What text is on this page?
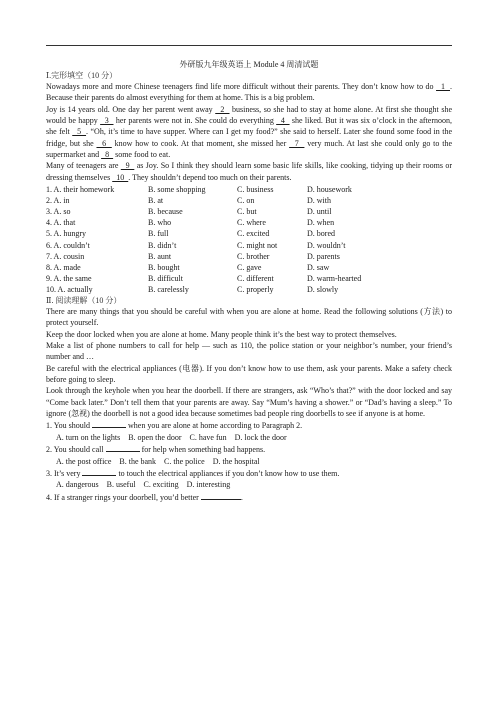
外研版九年级英语上 Module 4 周清试题
Ⅰ.完形填空（10 分）

Nowadays more and more Chinese teenagers find life more difficult without their parents. They don’t know how to do   1  . Because their parents do almost everything for them at home. This is a big problem.

Joy is 14 years old. One day her parent went away   2   business, so she had to stay at home alone. At first she thought she would be happy   3   her parents were not in. She could do everything   4   she liked. But it was six o’clock in the afternoon, she felt   5  . “Oh, it’s time to have supper. Where can I get my food?” she said to herself. Later she found some food in the fridge, but she   6   know how to cook. At that moment, she missed her   7   very much. At last she could only go to the supermarket and   8   some food to eat.

Many of teenagers are   9   as Joy. So I think they should learn some basic life skills, like cooking, tidying up their rooms or dressing themselves   10  . They shouldn’t depend too much on their parents.

1. A. their homework	B. some shopping	C. business	D. housework
2. A. in	B. at	C. on	D. with
3. A. so	B. because	C. but	D. until
4. A. that	B. who	C. where	D. when
5. A. hungry	B. full	C. excited	D. bored
6. A. couldn’t	B. didn’t	C. might not	D. wouldn’t
7. A. cousin	B. aunt	C. brother	D. parents
8. A. made	B. bought	C. gave	D. saw
9. A. the same	B. difficult	C. different	D. warm-hearted
10. A. actually	B. carelessly	C. properly	D. slowly
Ⅱ. 阅读理解（10 分）

There are many things that you should be careful with when you are alone at home. Read the following solutions (方法) to protect yourself.

Keep the door locked when you are alone at home. Many people think it’s the best way to protect themselves.

Make a list of phone numbers to call for help — such as 110, the police station or your neighbor’s number, your friend’s number and …

Be careful with the electrical appliances (电器). If you don’t know how to use them, ask your parents. Make a safety check before going to sleep.

Look through the keyhole when you hear the doorbell. If there are strangers, ask “Who’s that?” with the door locked and say “Come back later.” Don’t tell them that your parents are away. Say “Mum’s having a shower.” or “Dad’s having a sleep.” To ignore (忽视) the doorbell is not a good idea because sometimes bad people ring doorbells to see if anyone is at home.

1. You should	when you are alone at home according to Paragraph 2.

A. turn on the lights    B. open the door    C. have fun    D. lock the door

2. You should call	for help when something bad happens.

A. the post office    B. the bank    C. the police    D. the hospital

3. It’s very	to touch the electrical appliances if you don’t know how to use them.

A. dangerous    B. useful    C. exciting    D. interesting

4. If a stranger rings your doorbell, you’d better	.
